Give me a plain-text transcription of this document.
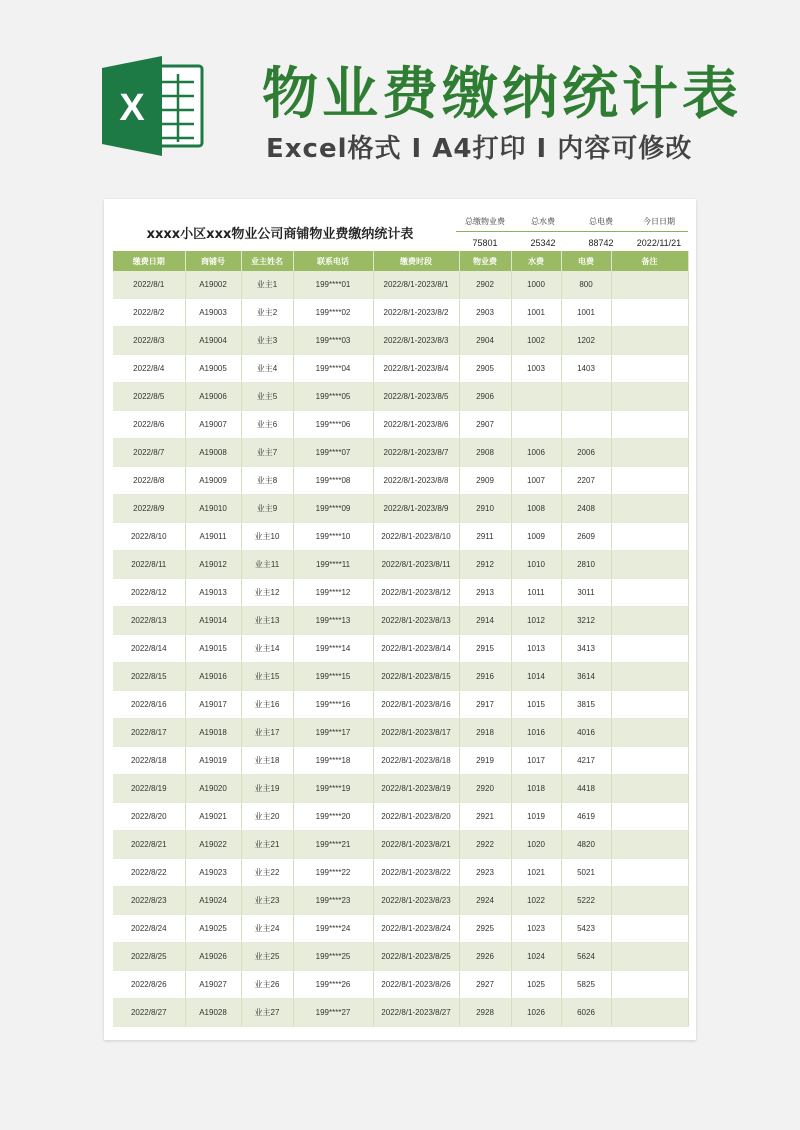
X 物业费缴纳统计表
Excel格式 I A4打印 I 内容可修改
xxxx小区xxx物业公司商铺物业费缴纳统计表
总缴物业费	总水费	总电费	今日日期
75801	25342	88742	2022/11/21
缴费日期	商铺号	业主姓名	联系电话	缴费时段	物业费	水费	电费	备注
2022/8/1	A19002	业主1	199****01	2022/8/1-2023/8/1	2902	1000	800	
2022/8/2	A19003	业主2	199****02	2022/8/1-2023/8/2	2903	1001	1001	
2022/8/3	A19004	业主3	199****03	2022/8/1-2023/8/3	2904	1002	1202	
2022/8/4	A19005	业主4	199****04	2022/8/1-2023/8/4	2905	1003	1403	
2022/8/5	A19006	业主5	199****05	2022/8/1-2023/8/5	2906			
2022/8/6	A19007	业主6	199****06	2022/8/1-2023/8/6	2907			
2022/8/7	A19008	业主7	199****07	2022/8/1-2023/8/7	2908	1006	2006	
2022/8/8	A19009	业主8	199****08	2022/8/1-2023/8/8	2909	1007	2207	
2022/8/9	A19010	业主9	199****09	2022/8/1-2023/8/9	2910	1008	2408	
2022/8/10	A19011	业主10	199****10	2022/8/1-2023/8/10	2911	1009	2609	
2022/8/11	A19012	业主11	199****11	2022/8/1-2023/8/11	2912	1010	2810	
2022/8/12	A19013	业主12	199****12	2022/8/1-2023/8/12	2913	1011	3011	
2022/8/13	A19014	业主13	199****13	2022/8/1-2023/8/13	2914	1012	3212	
2022/8/14	A19015	业主14	199****14	2022/8/1-2023/8/14	2915	1013	3413	
2022/8/15	A19016	业主15	199****15	2022/8/1-2023/8/15	2916	1014	3614	
2022/8/16	A19017	业主16	199****16	2022/8/1-2023/8/16	2917	1015	3815	
2022/8/17	A19018	业主17	199****17	2022/8/1-2023/8/17	2918	1016	4016	
2022/8/18	A19019	业主18	199****18	2022/8/1-2023/8/18	2919	1017	4217	
2022/8/19	A19020	业主19	199****19	2022/8/1-2023/8/19	2920	1018	4418	
2022/8/20	A19021	业主20	199****20	2022/8/1-2023/8/20	2921	1019	4619	
2022/8/21	A19022	业主21	199****21	2022/8/1-2023/8/21	2922	1020	4820	
2022/8/22	A19023	业主22	199****22	2022/8/1-2023/8/22	2923	1021	5021	
2022/8/23	A19024	业主23	199****23	2022/8/1-2023/8/23	2924	1022	5222	
2022/8/24	A19025	业主24	199****24	2022/8/1-2023/8/24	2925	1023	5423	
2022/8/25	A19026	业主25	199****25	2022/8/1-2023/8/25	2926	1024	5624	
2022/8/26	A19027	业主26	199****26	2022/8/1-2023/8/26	2927	1025	5825	
2022/8/27	A19028	业主27	199****27	2022/8/1-2023/8/27	2928	1026	6026	
